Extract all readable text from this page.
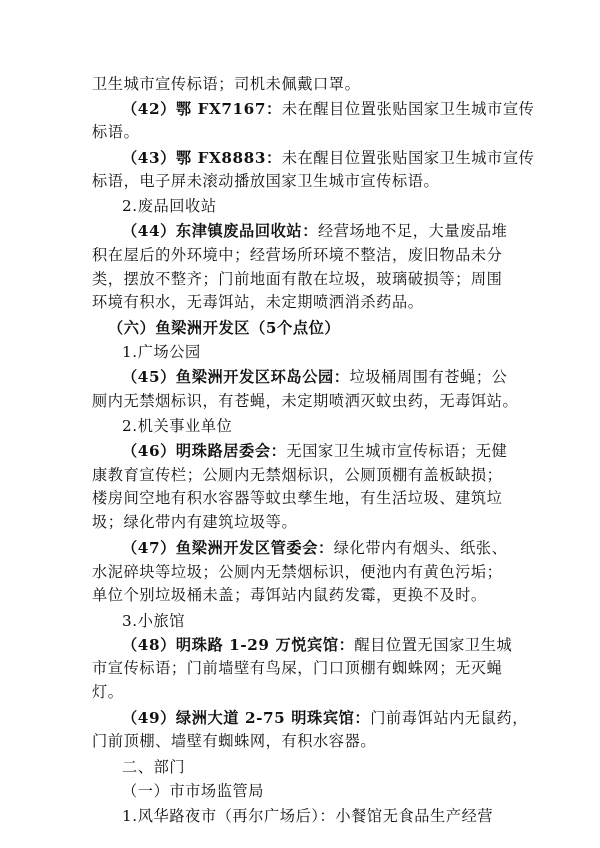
卫生城市宣传标语；司机未佩戴口罩。
（42）鄂 FX7167：未在醒目位置张贴国家卫生城市宣传
标语。
（43）鄂 FX8883：未在醒目位置张贴国家卫生城市宣传
标语，电子屏未滚动播放国家卫生城市宣传标语。
2.废品回收站
（44）东津镇废品回收站：经营场地不足，大量废品堆
积在屋后的外环境中；经营场所环境不整洁，废旧物品未分
类，摆放不整齐；门前地面有散在垃圾，玻璃破损等；周围
环境有积水，无毒饵站，未定期喷洒消杀药品。
（六）鱼梁洲开发区（5个点位）
1.广场公园
（45）鱼梁洲开发区环岛公园：垃圾桶周围有苍蝇；公
厕内无禁烟标识，有苍蝇，未定期喷洒灭蚊虫药，无毒饵站。
2.机关事业单位
（46）明珠路居委会：无国家卫生城市宣传标语；无健
康教育宣传栏；公厕内无禁烟标识，公厕顶棚有盖板缺损；
楼房间空地有积水容器等蚊虫孳生地，有生活垃圾、建筑垃
圾；绿化带内有建筑垃圾等。
（47）鱼梁洲开发区管委会：绿化带内有烟头、纸张、
水泥碎块等垃圾；公厕内无禁烟标识，便池内有黄色污垢；
单位个别垃圾桶未盖；毒饵站内鼠药发霉，更换不及时。
3.小旅馆
（48）明珠路 1-29 万悦宾馆：醒目位置无国家卫生城
市宣传标语；门前墙壁有鸟屎，门口顶棚有蜘蛛网；无灭蝇
灯。
（49）绿洲大道 2-75 明珠宾馆：门前毒饵站内无鼠药，
门前顶棚、墙壁有蜘蛛网，有积水容器。
二、部门
（一）市市场监管局
1.风华路夜市（再尔广场后）：小餐馆无食品生产经营
